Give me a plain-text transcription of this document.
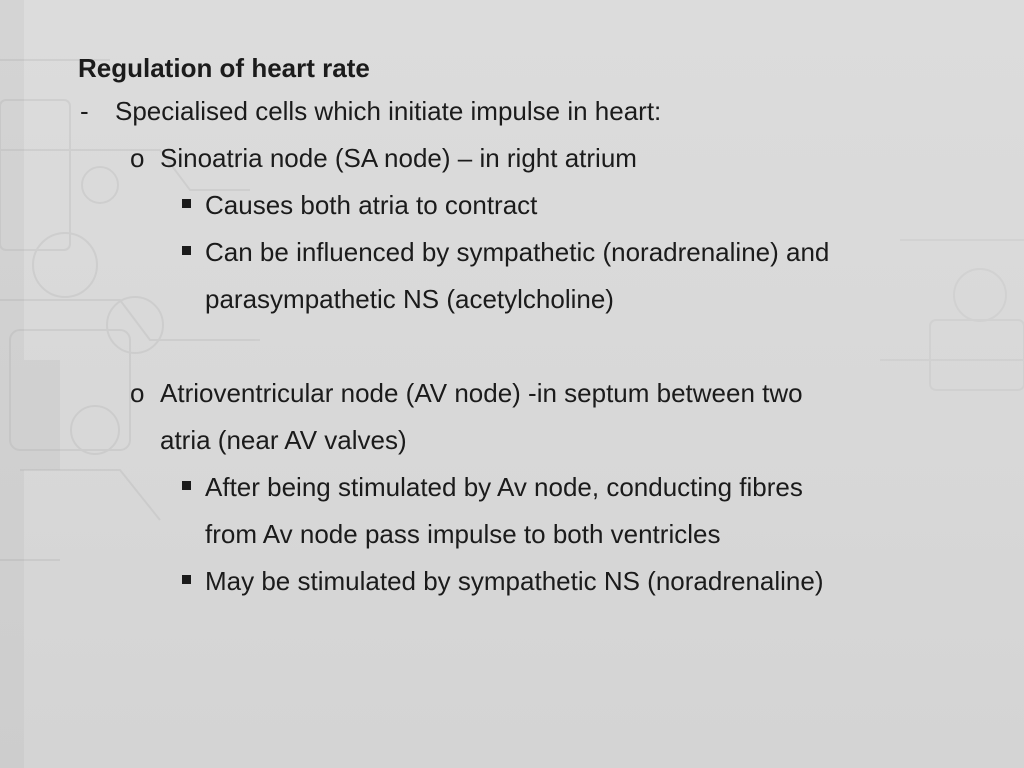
Regulation of heart rate
- Specialised cells which initiate impulse in heart:
o Sinoatria node (SA node) – in right atrium
Causes both atria to contract
Can be influenced by sympathetic (noradrenaline) and
parasympathetic NS (acetylcholine)
o Atrioventricular node (AV node) -in septum between two
atria (near AV valves)
After being stimulated by Av node, conducting fibres
from Av node pass impulse to both ventricles
May be stimulated by sympathetic NS (noradrenaline)
